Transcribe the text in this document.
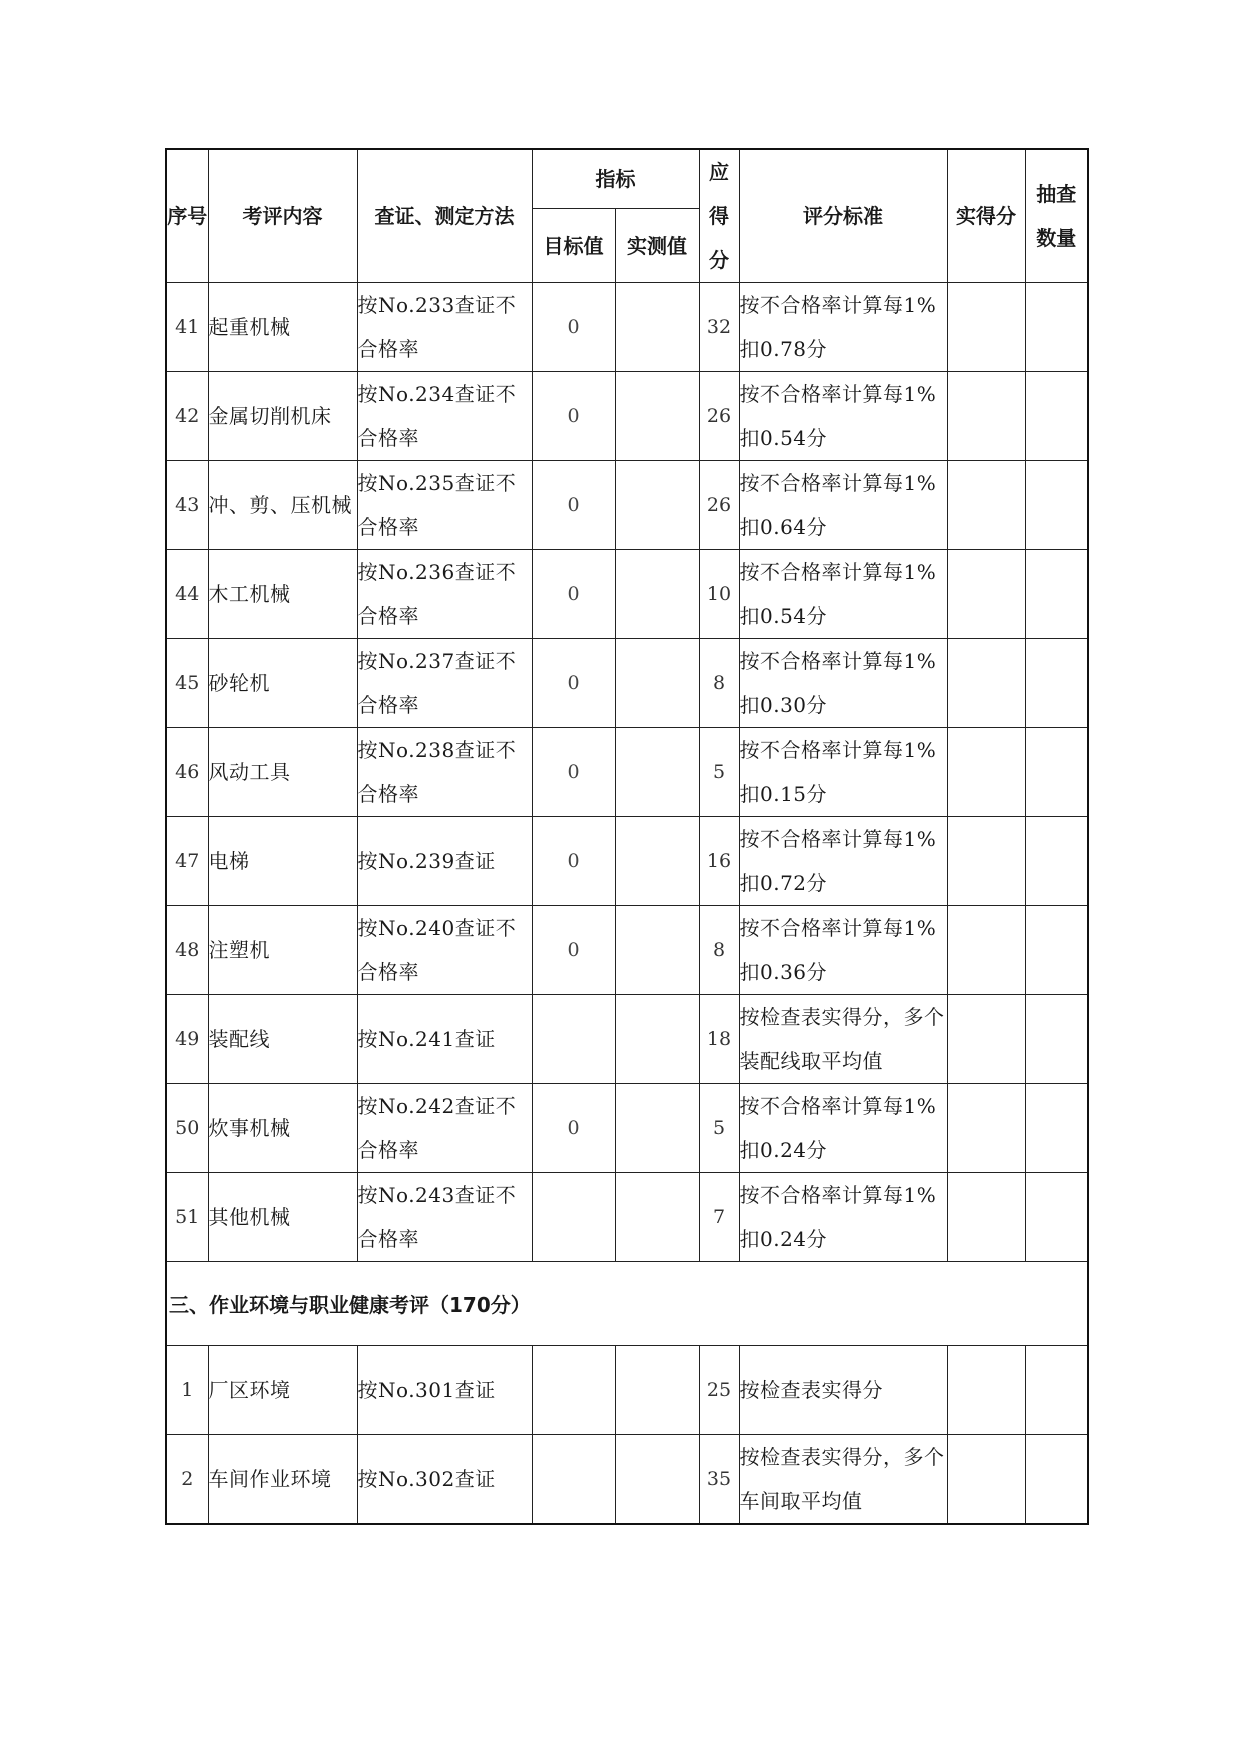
序号	考评内容	查证、测定方法	指标		应得分	评分标准	实得分	抽查
数量

			目标值	实测值				
41	起重机械	按No.233查证不合格率	0		32	按不合格率计算每1%扣0.78分		
42	金属切削机床	按No.234查证不合格率	0		26	按不合格率计算每1%扣0.54分		
43	冲、剪、压机械	按No.235查证不合格率	0		26	按不合格率计算每1%扣0.64分		
44	木工机械	按No.236查证不合格率	0		10	按不合格率计算每1%扣0.54分		
45	砂轮机	按No.237查证不合格率	0		8	按不合格率计算每1%扣0.30分		
46	风动工具	按No.238查证不合格率	0		5	按不合格率计算每1%扣0.15分		
47	电梯	按No.239查证	0		16	按不合格率计算每1%扣0.72分		
48	注塑机	按No.240查证不合格率	0		8	按不合格率计算每1%扣0.36分		
49	装配线	按No.241查证			18	按检查表实得分，多个装配线取平均值		
50	炊事机械	按No.242查证不合格率	0		5	按不合格率计算每1%扣0.24分		
51	其他机械	按No.243查证不合格率			7	按不合格率计算每1%扣0.24分		
三、作业环境与职业健康考评（170分）								
1	厂区环境	按No.301查证			25	按检查表实得分		
2	车间作业环境	按No.302查证			35	按检查表实得分，多个车间取平均值		
